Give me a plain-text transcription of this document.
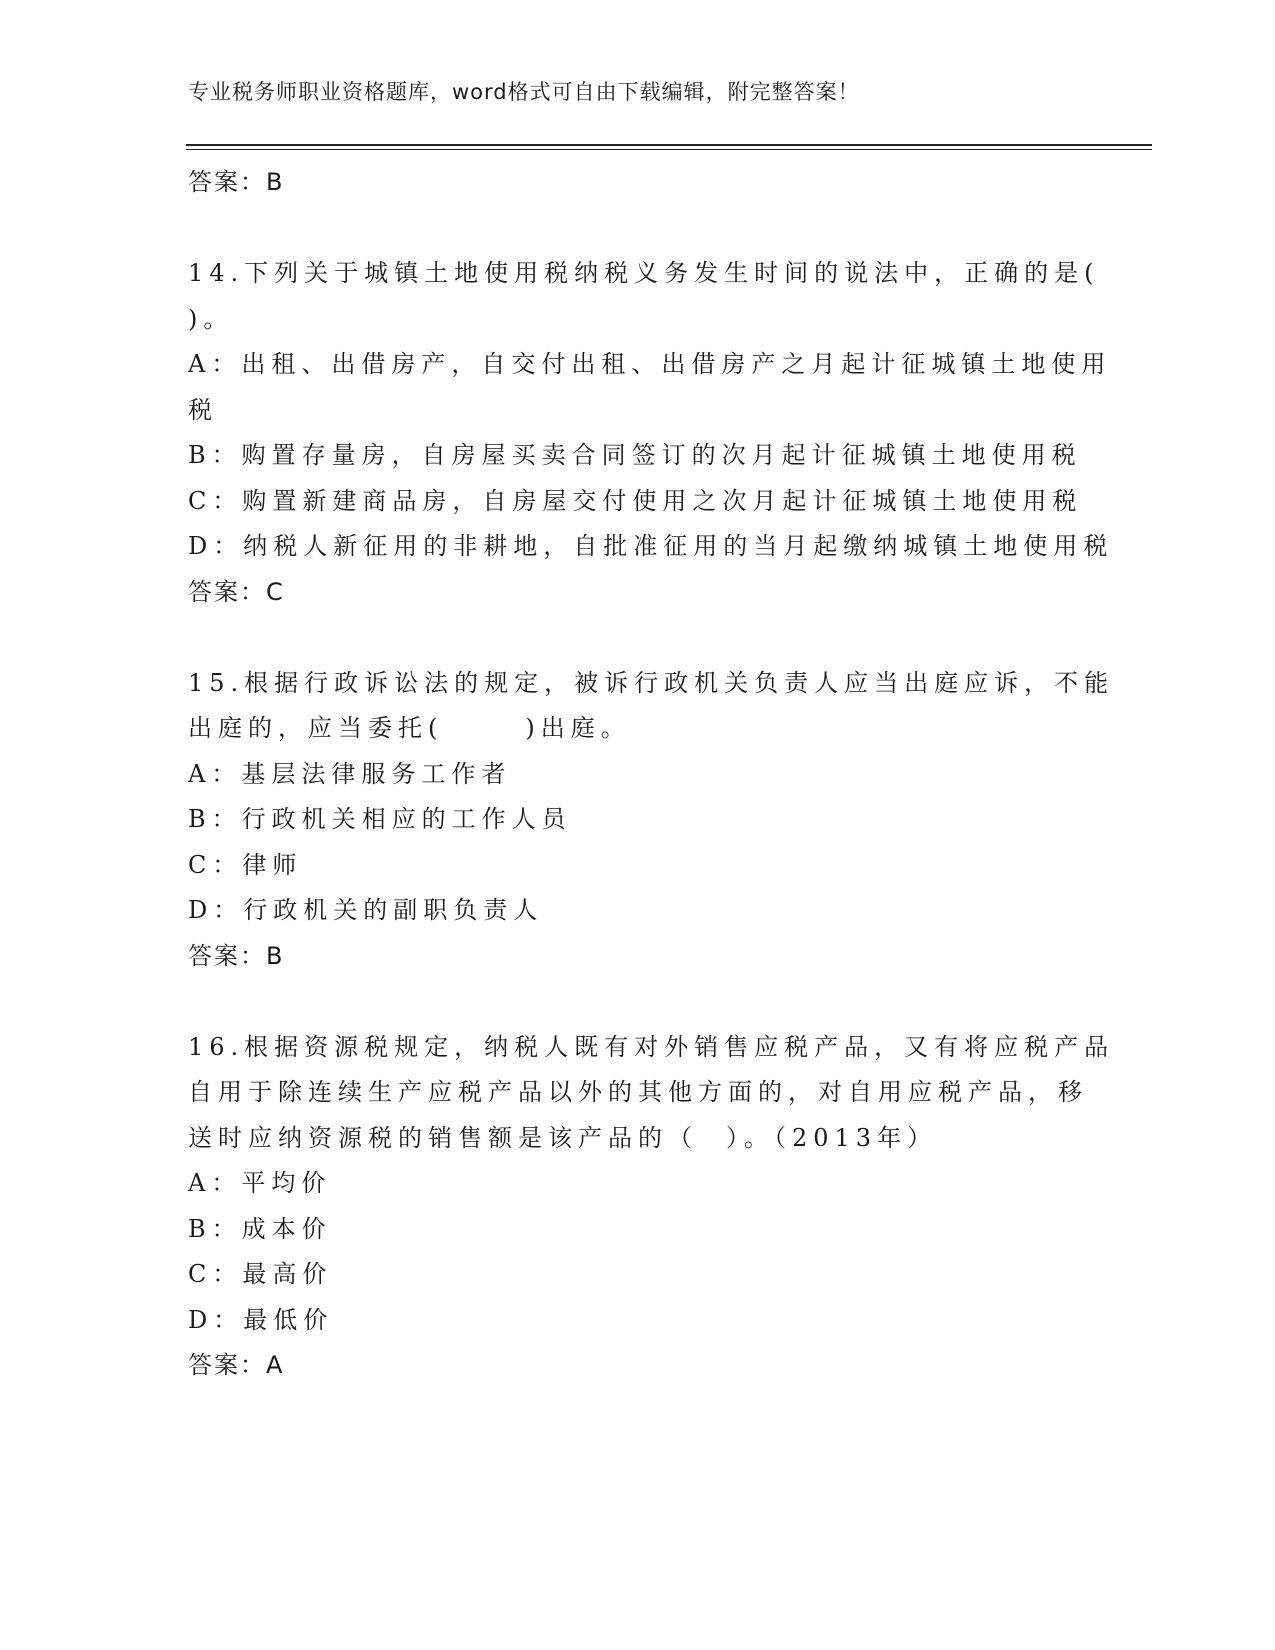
专业税务师职业资格题库，word格式可自由下载编辑，附完整答案！
答案：B
14.下列关于城镇土地使用税纳税义务发生时间的说法中，正确的是(
)。
A：出租、出借房产，自交付出租、出借房产之月起计征城镇土地使用
税
B：购置存量房，自房屋买卖合同签订的次月起计征城镇土地使用税
C：购置新建商品房，自房屋交付使用之次月起计征城镇土地使用税
D：纳税人新征用的非耕地，自批准征用的当月起缴纳城镇土地使用税
答案：C
15.根据行政诉讼法的规定，被诉行政机关负责人应当出庭应诉，不能
出庭的，应当委托(	)出庭。
A：基层法律服务工作者
B：行政机关相应的工作人员
C：律师
D：行政机关的副职负责人
答案：B
16.根据资源税规定，纳税人既有对外销售应税产品，又有将应税产品
自用于除连续生产应税产品以外的其他方面的，对自用应税产品，移
送时应纳资源税的销售额是该产品的（ ）。（2013年）
A：平均价
B：成本价
C：最高价
D：最低价
答案：A
